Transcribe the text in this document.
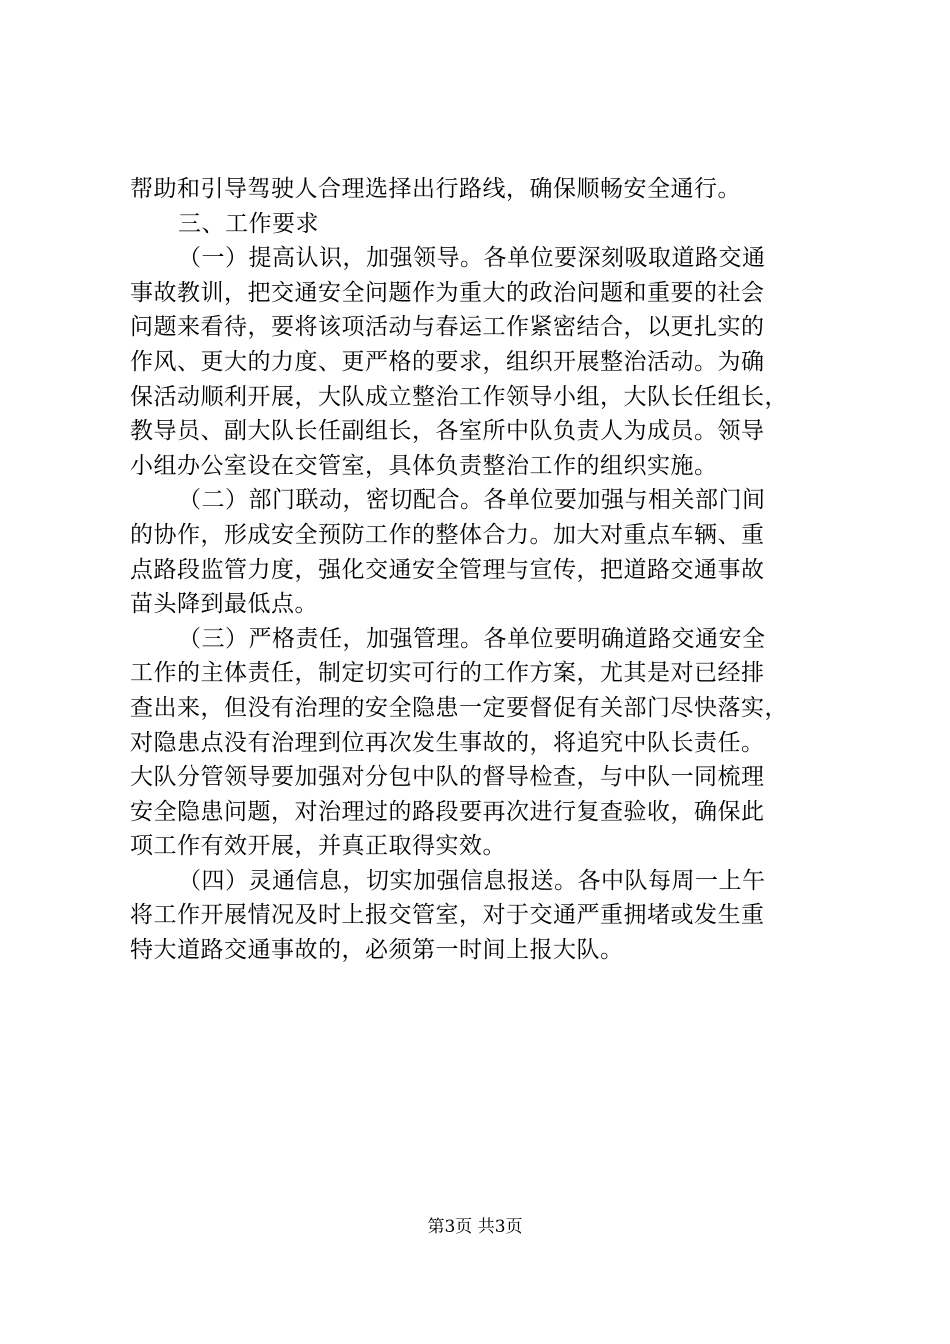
帮助和引导驾驶人合理选择出行路线，确保顺畅安全通行。
三、工作要求
（一）提高认识，加强领导。各单位要深刻吸取道路交通
事故教训，把交通安全问题作为重大的政治问题和重要的社会
问题来看待，要将该项活动与春运工作紧密结合，以更扎实的
作风、更大的力度、更严格的要求，组织开展整治活动。为确
保活动顺利开展，大队成立整治工作领导小组，大队长任组长，
教导员、副大队长任副组长，各室所中队负责人为成员。领导
小组办公室设在交管室，具体负责整治工作的组织实施。
（二）部门联动，密切配合。各单位要加强与相关部门间
的协作，形成安全预防工作的整体合力。加大对重点车辆、重
点路段监管力度，强化交通安全管理与宣传，把道路交通事故
苗头降到最低点。
（三）严格责任，加强管理。各单位要明确道路交通安全
工作的主体责任，制定切实可行的工作方案，尤其是对已经排
查出来，但没有治理的安全隐患一定要督促有关部门尽快落实，
对隐患点没有治理到位再次发生事故的，将追究中队长责任。
大队分管领导要加强对分包中队的督导检查，与中队一同梳理
安全隐患问题，对治理过的路段要再次进行复查验收，确保此
项工作有效开展，并真正取得实效。
（四）灵通信息，切实加强信息报送。各中队每周一上午
将工作开展情况及时上报交管室，对于交通严重拥堵或发生重
特大道路交通事故的，必须第一时间上报大队。
第3页 共3页
